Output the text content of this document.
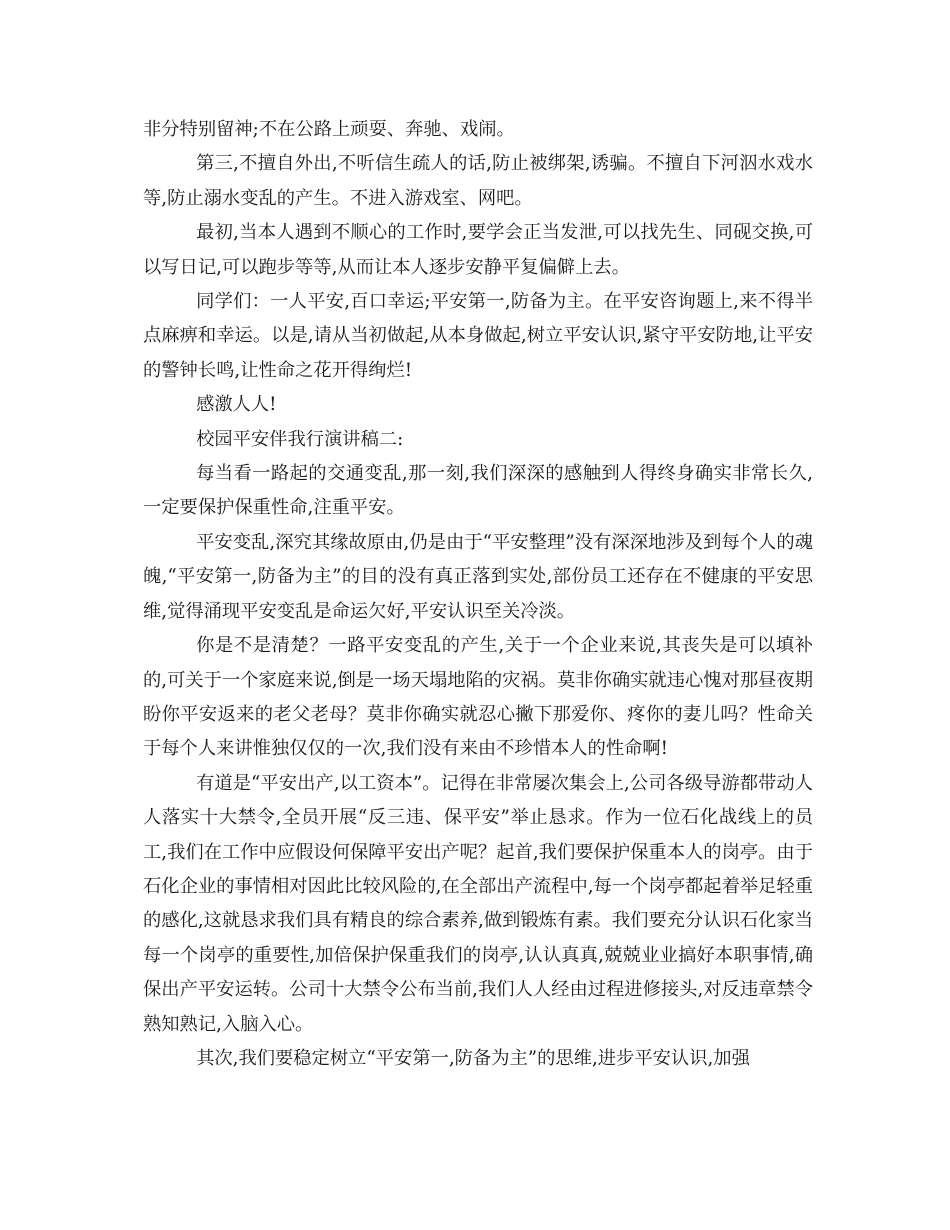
非分特别留神;不在公路上顽耍、奔驰、戏闹。

第三,不擅自外出,不听信生疏人的话,防止被绑架,诱骗。不擅自下河泅水戏水等,防止溺水变乱的产生。不进入游戏室、网吧。

最初,当本人遇到不顺心的工作时,要学会正当发泄,可以找先生、同砚交换,可以写日记,可以跑步等等,从而让本人逐步安静平复偏僻上去。

同学们：一人平安,百口幸运;平安第一,防备为主。在平安咨询题上,来不得半点麻痹和幸运。以是,请从当初做起,从本身做起,树立平安认识,紧守平安防地,让平安的警钟长鸣,让性命之花开得绚烂!

感激人人!

校园平安伴我行演讲稿二:

每当看一路起的交通变乱,那一刻,我们深深的感触到人得终身确实非常长久,一定要保护保重性命,注重平安。

平安变乱,深究其缘故原由,仍是由于“平安整理”没有深深地涉及到每个人的魂魄,“平安第一,防备为主”的目的没有真正落到实处,部份员工还存在不健康的平安思维,觉得涌现平安变乱是命运欠好,平安认识至关冷淡。

你是不是清楚？一路平安变乱的产生,关于一个企业来说,其丧失是可以填补的,可关于一个家庭来说,倒是一场天塌地陷的灾祸。莫非你确实就违心愧对那昼夜期盼你平安返来的老父老母？莫非你确实就忍心撇下那爱你、疼你的妻儿吗？性命关于每个人来讲惟独仅仅的一次,我们没有来由不珍惜本人的性命啊!

有道是“平安出产,以工资本”。记得在非常屡次集会上,公司各级导游都带动人人落实十大禁令,全员开展“反三违、保平安”举止恳求。作为一位石化战线上的员工,我们在工作中应假设何保障平安出产呢？起首,我们要保护保重本人的岗亭。由于石化企业的事情相对因此比较风险的,在全部出产流程中,每一个岗亭都起着举足轻重的感化,这就恳求我们具有精良的综合素养,做到锻炼有素。我们要充分认识石化家当每一个岗亭的重要性,加倍保护保重我们的岗亭,认认真真,兢兢业业搞好本职事情,确保出产平安运转。公司十大禁令公布当前,我们人人经由过程进修接头,对反违章禁令熟知熟记,入脑入心。

其次,我们要稳定树立“平安第一,防备为主”的思维,进步平安认识,加强
